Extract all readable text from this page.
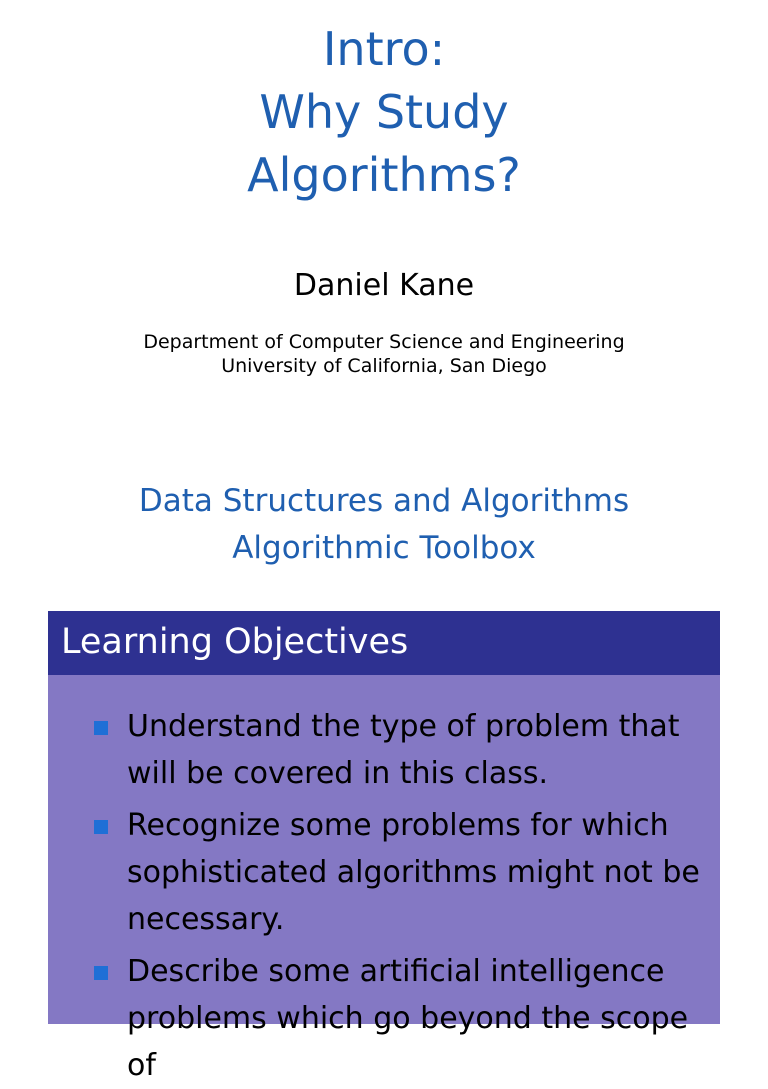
Intro:
Why Study
Algorithms?

Daniel Kane

Department of Computer Science and Engineering
University of California, San Diego

Data Structures and Algorithms
Algorithmic Toolbox

Learning Objectives
Understand the type of problem that will be covered in this class.
Recognize some problems for which sophisticated algorithms might not be necessary.
Describe some artificial intelligence problems which go beyond the scope of
